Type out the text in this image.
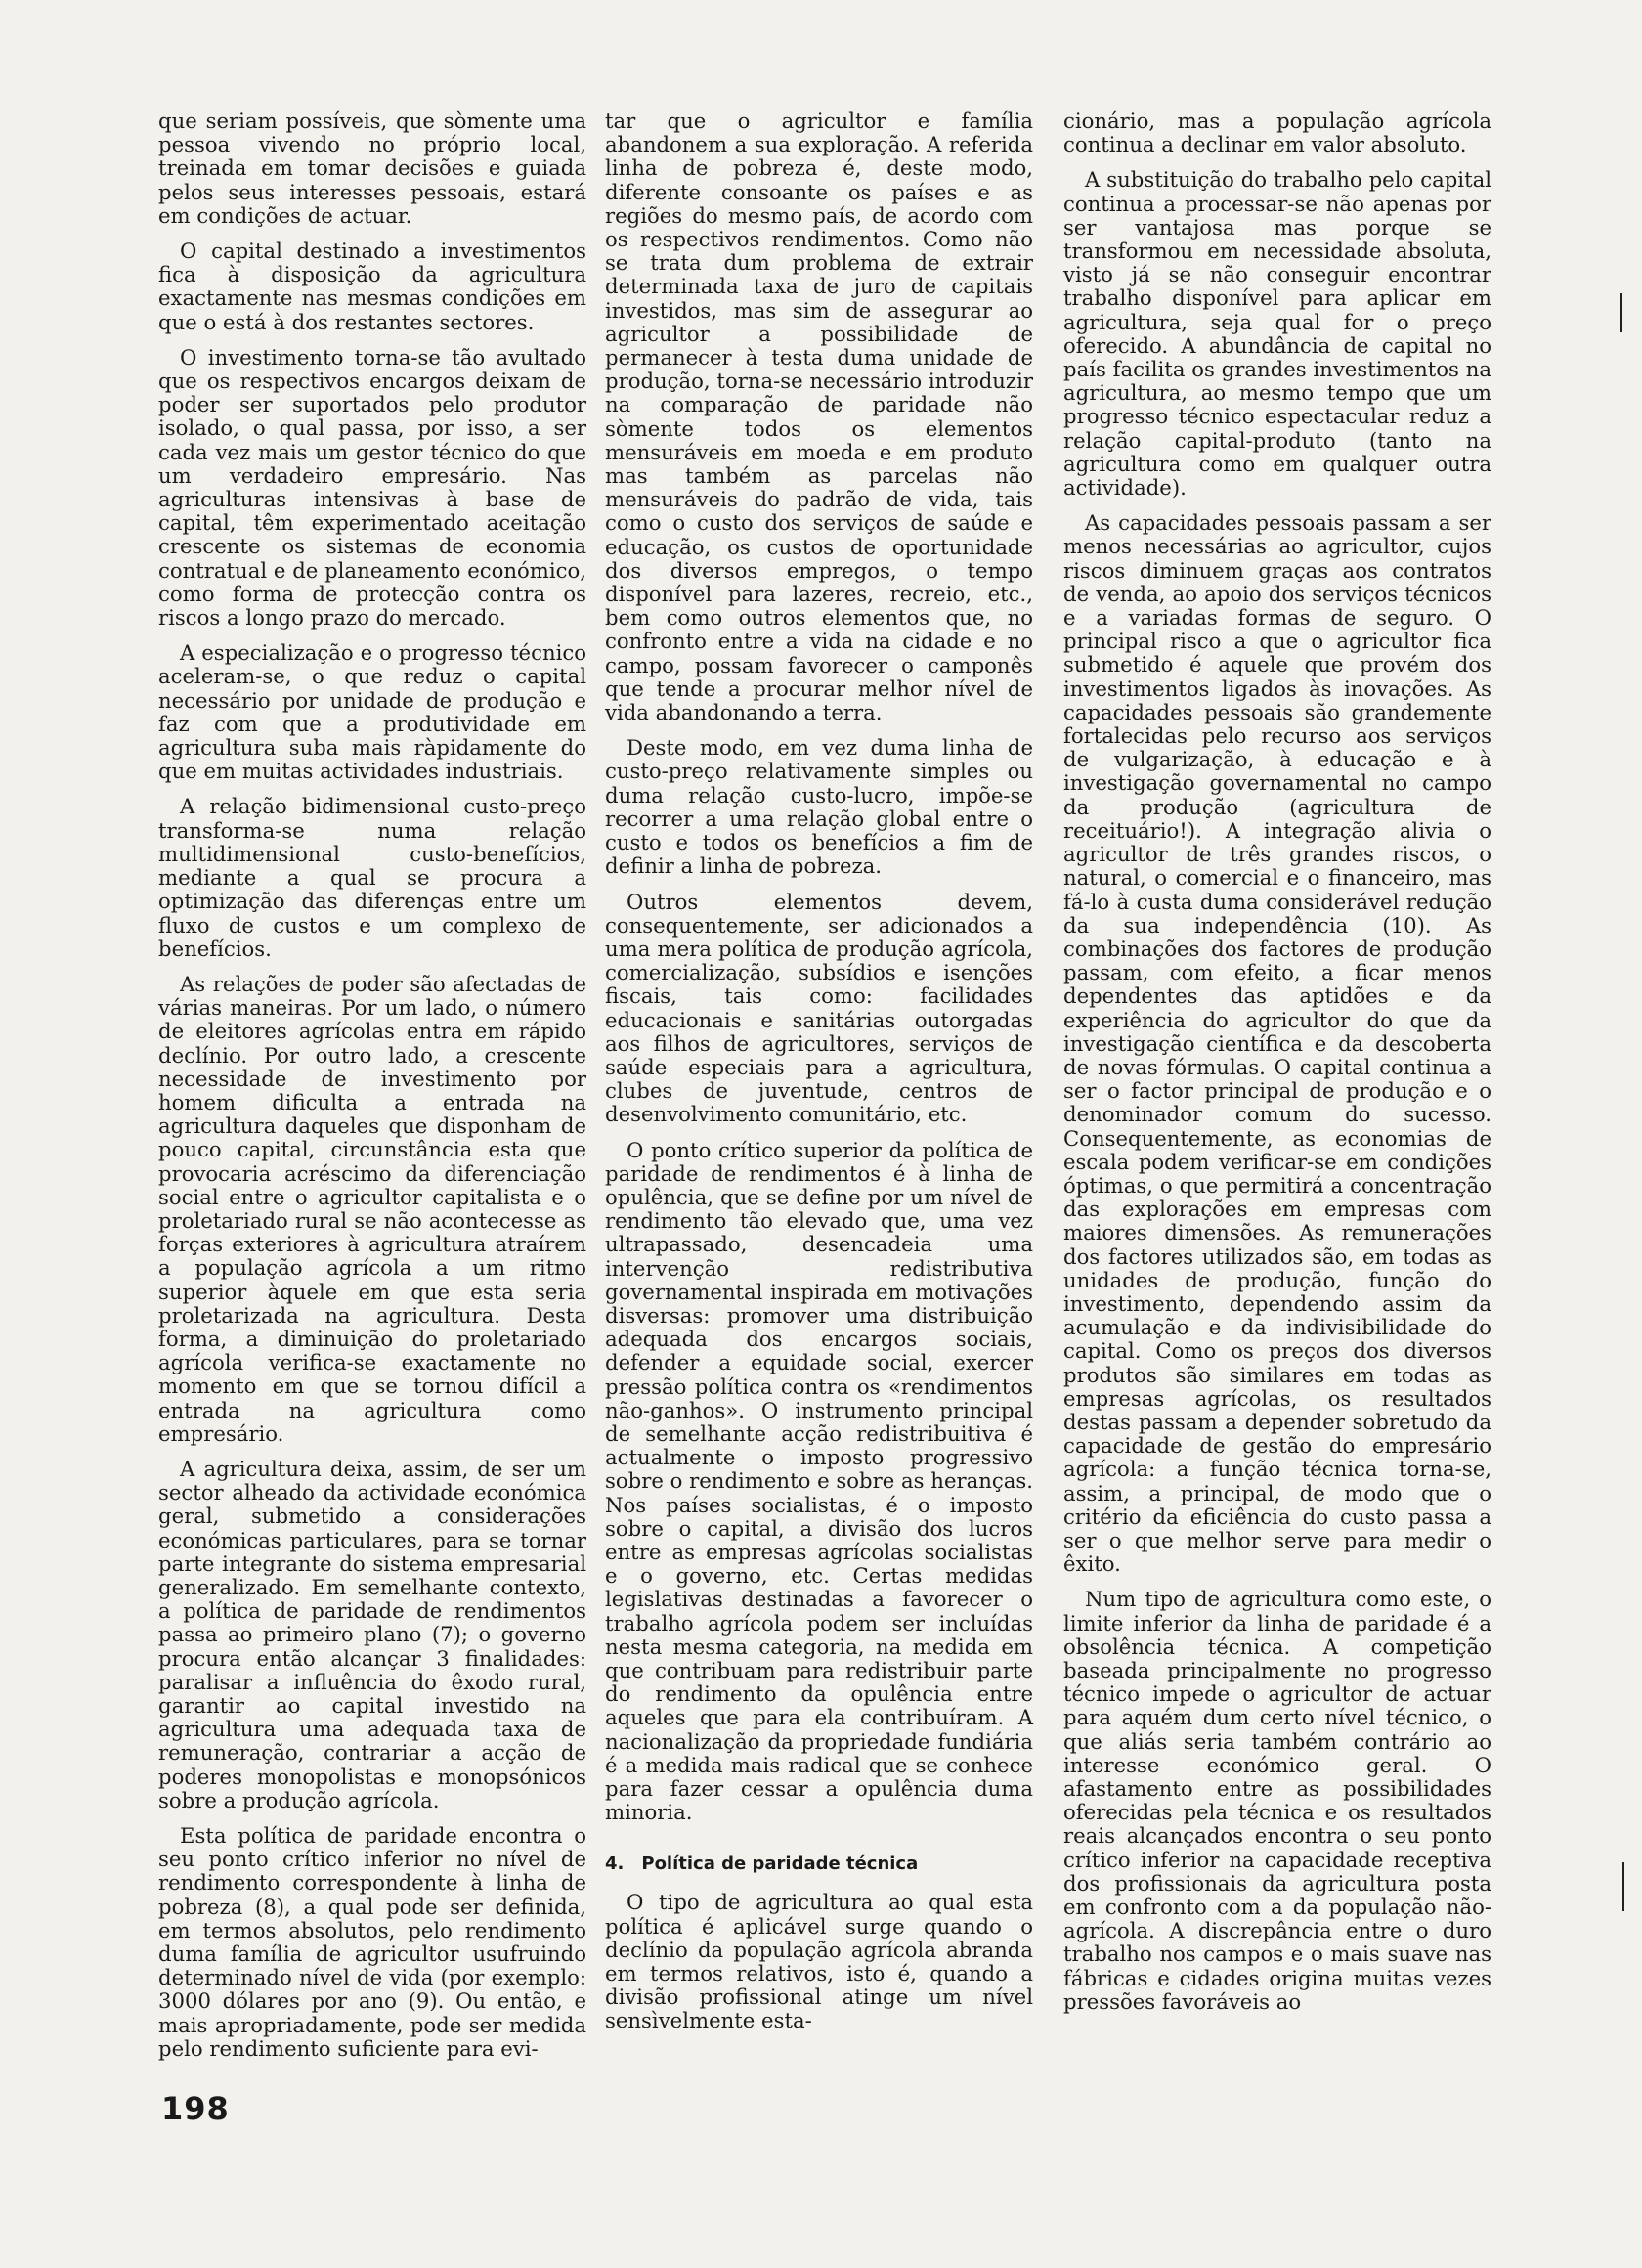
que seriam possíveis, que sòmente uma pessoa vivendo no próprio local, treinada em tomar decisões e guiada pelos seus interesses pessoais, estará em condições de actuar.

O capital destinado a investimentos fica à disposição da agricultura exactamente nas mesmas condições em que o está à dos restantes sectores.

O investimento torna-se tão avultado que os respectivos encargos deixam de poder ser suportados pelo produtor isolado, o qual passa, por isso, a ser cada vez mais um gestor técnico do que um verdadeiro empresário. Nas agriculturas intensivas à base de capital, têm experimentado aceitação crescente os sistemas de economia contratual e de planeamento económico, como forma de protecção contra os riscos a longo prazo do mercado.

A especialização e o progresso técnico aceleram-se, o que reduz o capital necessário por unidade de produção e faz com que a produtividade em agricultura suba mais ràpidamente do que em muitas actividades industriais.

A relação bidimensional custo-preço transforma-se numa relação multidimensional custo-benefícios, mediante a qual se procura a optimização das diferenças entre um fluxo de custos e um complexo de benefícios.

As relações de poder são afectadas de várias maneiras. Por um lado, o número de eleitores agrícolas entra em rápido declínio. Por outro lado, a crescente necessidade de investimento por homem dificulta a entrada na agricultura daqueles que disponham de pouco capital, circunstância esta que provocaria acréscimo da diferenciação social entre o agricultor capitalista e o proletariado rural se não acontecesse as forças exteriores à agricultura atraírem a população agrícola a um ritmo superior àquele em que esta seria proletarizada na agricultura. Desta forma, a diminuição do proletariado agrícola verifica-se exactamente no momento em que se tornou difícil a entrada na agricultura como empresário.

A agricultura deixa, assim, de ser um sector alheado da actividade económica geral, submetido a considerações económicas particulares, para se tornar parte integrante do sistema empresarial generalizado. Em semelhante contexto, a política de paridade de rendimentos passa ao primeiro plano (7); o governo procura então alcançar 3 finalidades: paralisar a influência do êxodo rural, garantir ao capital investido na agricultura uma adequada taxa de remuneração, contrariar a acção de poderes monopolistas e monopsónicos sobre a produção agrícola.

Esta política de paridade encontra o seu ponto crítico inferior no nível de rendimento correspondente à linha de pobreza (8), a qual pode ser definida, em termos absolutos, pelo rendimento duma família de agricultor usufruindo determinado nível de vida (por exemplo: 3000 dólares por ano (9). Ou então, e mais apropriadamente, pode ser medida pelo rendimento suficiente para evi-

tar que o agricultor e família abandonem a sua exploração. A referida linha de pobreza é, deste modo, diferente consoante os países e as regiões do mesmo país, de acordo com os respectivos rendimentos. Como não se trata dum problema de extrair determinada taxa de juro de capitais investidos, mas sim de assegurar ao agricultor a possibilidade de permanecer à testa duma unidade de produção, torna-se necessário introduzir na comparação de paridade não sòmente todos os elementos mensuráveis em moeda e em produto mas também as parcelas não mensuráveis do padrão de vida, tais como o custo dos serviços de saúde e educação, os custos de oportunidade dos diversos empregos, o tempo disponível para lazeres, recreio, etc., bem como outros elementos que, no confronto entre a vida na cidade e no campo, possam favorecer o camponês que tende a procurar melhor nível de vida abandonando a terra.

Deste modo, em vez duma linha de custo-preço relativamente simples ou duma relação custo-lucro, impõe-se recorrer a uma relação global entre o custo e todos os benefícios a fim de definir a linha de pobreza.

Outros elementos devem, consequentemente, ser adicionados a uma mera política de produção agrícola, comercialização, subsídios e isenções fiscais, tais como: facilidades educacionais e sanitárias outorgadas aos filhos de agricultores, serviços de saúde especiais para a agricultura, clubes de juventude, centros de desenvolvimento comunitário, etc.

O ponto crítico superior da política de paridade de rendimentos é à linha de opulência, que se define por um nível de rendimento tão elevado que, uma vez ultrapassado, desencadeia uma intervenção redistributiva governamental inspirada em motivações disversas: promover uma distribuição adequada dos encargos sociais, defender a equidade social, exercer pressão política contra os «rendimentos não-ganhos». O instrumento principal de semelhante acção redistribuitiva é actualmente o imposto progressivo sobre o rendimento e sobre as heranças. Nos países socialistas, é o imposto sobre o capital, a divisão dos lucros entre as empresas agrícolas socialistas e o governo, etc. Certas medidas legislativas destinadas a favorecer o trabalho agrícola podem ser incluídas nesta mesma categoria, na medida em que contribuam para redistribuir parte do rendimento da opulência entre aqueles que para ela contribuíram. A nacionalização da propriedade fundiária é a medida mais radical que se conhece para fazer cessar a opulência duma minoria.

4. Política de paridade técnica

O tipo de agricultura ao qual esta política é aplicável surge quando o declínio da população agrícola abranda em termos relativos, isto é, quando a divisão profissional atinge um nível sensìvelmente esta-

cionário, mas a população agrícola continua a declinar em valor absoluto.

A substituição do trabalho pelo capital continua a processar-se não apenas por ser vantajosa mas porque se transformou em necessidade absoluta, visto já se não conseguir encontrar trabalho disponível para aplicar em agricultura, seja qual for o preço oferecido. A abundância de capital no país facilita os grandes investimentos na agricultura, ao mesmo tempo que um progresso técnico espectacular reduz a relação capital-produto (tanto na agricultura como em qualquer outra actividade).

As capacidades pessoais passam a ser menos necessárias ao agricultor, cujos riscos diminuem graças aos contratos de venda, ao apoio dos serviços técnicos e a variadas formas de seguro. O principal risco a que o agricultor fica submetido é aquele que provém dos investimentos ligados às inovações. As capacidades pessoais são grandemente fortalecidas pelo recurso aos serviços de vulgarização, à educação e à investigação governamental no campo da produção (agricultura de receituário!). A integração alivia o agricultor de três grandes riscos, o natural, o comercial e o financeiro, mas fá-lo à custa duma considerável redução da sua independência (10). As combinações dos factores de produção passam, com efeito, a ficar menos dependentes das aptidões e da experiência do agricultor do que da investigação científica e da descoberta de novas fórmulas. O capital continua a ser o factor principal de produção e o denominador comum do sucesso. Consequentemente, as economias de escala podem verificar-se em condições óptimas, o que permitirá a concentração das explorações em empresas com maiores dimensões. As remunerações dos factores utilizados são, em todas as unidades de produção, função do investimento, dependendo assim da acumulação e da indivisibilidade do capital. Como os preços dos diversos produtos são similares em todas as empresas agrícolas, os resultados destas passam a depender sobretudo da capacidade de gestão do empresário agrícola: a função técnica torna-se, assim, a principal, de modo que o critério da eficiência do custo passa a ser o que melhor serve para medir o êxito.

Num tipo de agricultura como este, o limite inferior da linha de paridade é a obsolência técnica. A competição baseada principalmente no progresso técnico impede o agricultor de actuar para aquém dum certo nível técnico, o que aliás seria também contrário ao interesse económico geral. O afastamento entre as possibilidades oferecidas pela técnica e os resultados reais alcançados encontra o seu ponto crítico inferior na capacidade receptiva dos profissionais da agricultura posta em confronto com a da população não-agrícola. A discrepância entre o duro trabalho nos campos e o mais suave nas fábricas e cidades origina muitas vezes pressões favoráveis ao

198
